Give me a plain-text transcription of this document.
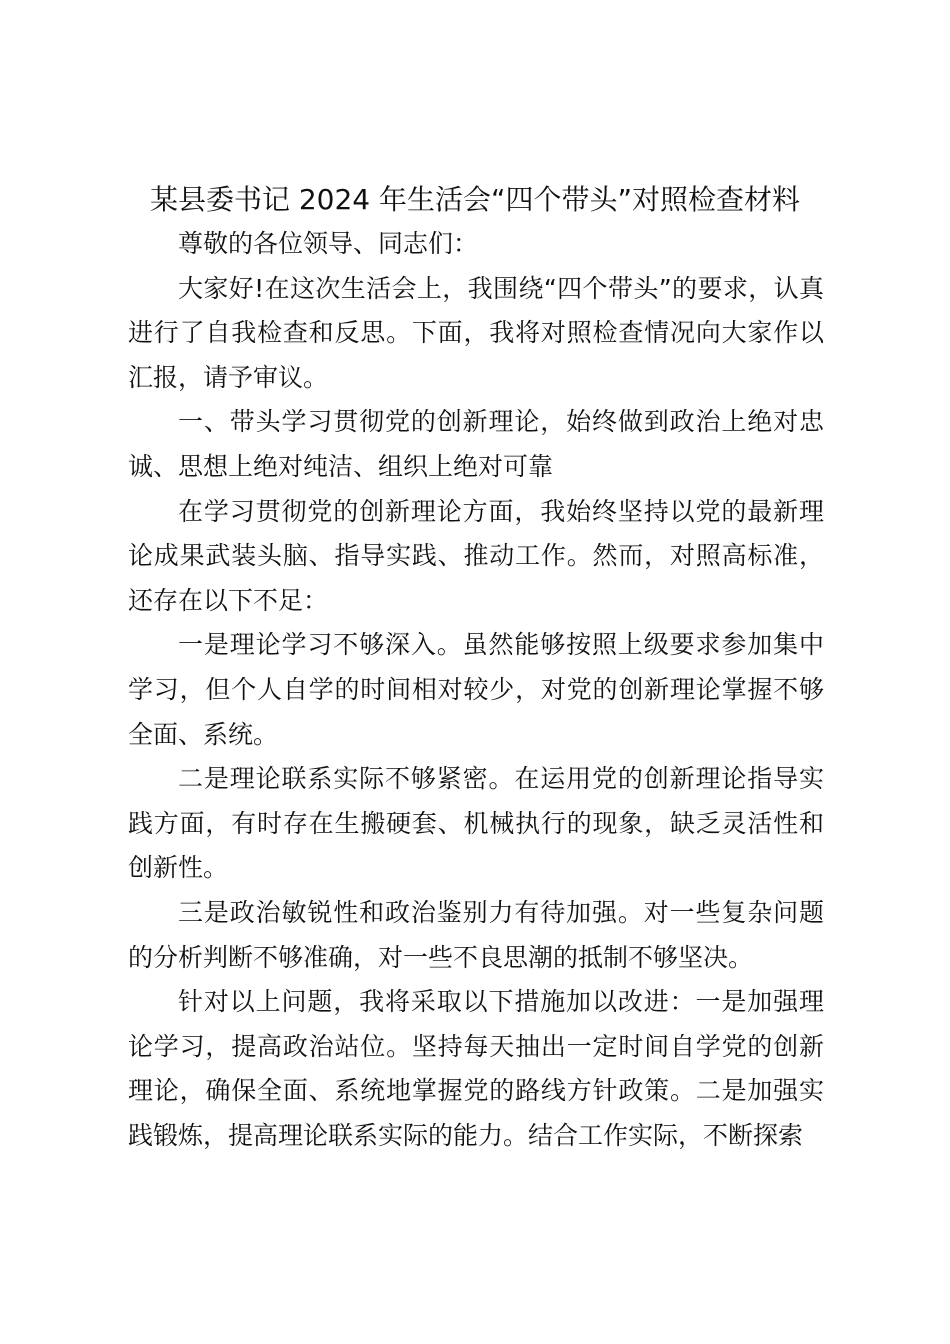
某县委书记 2024 年生活会“四个带头”对照检查材料

尊敬的各位领导、同志们：

大家好!在这次生活会上，我围绕“四个带头”的要求，认真进行了自我检查和反思。下面，我将对照检查情况向大家作以汇报，请予审议。

一、带头学习贯彻党的创新理论，始终做到政治上绝对忠诚、思想上绝对纯洁、组织上绝对可靠

在学习贯彻党的创新理论方面，我始终坚持以党的最新理论成果武装头脑、指导实践、推动工作。然而，对照高标准，还存在以下不足：

一是理论学习不够深入。虽然能够按照上级要求参加集中学习，但个人自学的时间相对较少，对党的创新理论掌握不够全面、系统。

二是理论联系实际不够紧密。在运用党的创新理论指导实践方面，有时存在生搬硬套、机械执行的现象，缺乏灵活性和创新性。

三是政治敏锐性和政治鉴别力有待加强。对一些复杂问题的分析判断不够准确，对一些不良思潮的抵制不够坚决。

针对以上问题，我将采取以下措施加以改进：一是加强理论学习，提高政治站位。坚持每天抽出一定时间自学党的创新理论，确保全面、系统地掌握党的路线方针政策。二是加强实践锻炼，提高理论联系实际的能力。结合工作实际，不断探索
